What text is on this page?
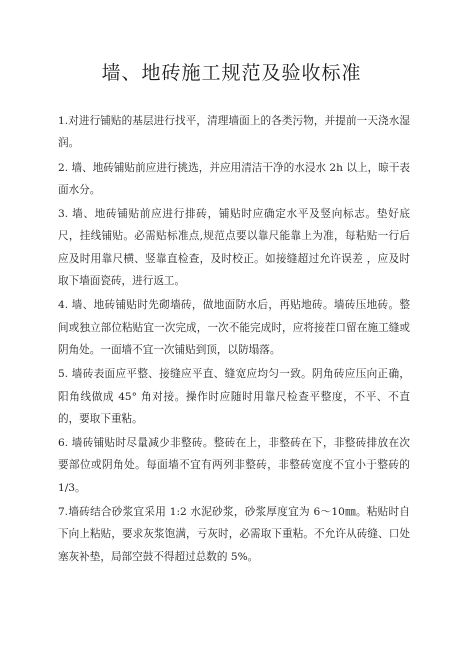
墙、地砖施工规范及验收标准

1.对进行铺贴的基层进行找平，清理墙面上的各类污物，并提前一天浇水湿润。

2. 墙、地砖铺贴前应进行挑选，并应用清洁干净的水浸水 2h 以上，晾干表面水分。

3. 墙、地砖铺贴前应进行排砖，铺贴时应确定水平及竖向标志。垫好底尺，挂线铺贴。必需贴标准点,规范点要以靠尺能靠上为准，每粘贴一行后应及时用靠尺横、竖靠直检查，及时校正。如接缝超过允许误差 ，应及时取下墙面瓷砖，进行返工。

4. 墙、地砖铺贴时先砌墙砖，做地面防水后，再贴地砖。墙砖压地砖。整间或独立部位粘贴宜一次完成，一次不能完成时，应将接茬口留在施工缝或阴角处。一面墙不宜一次铺贴到顶，以防塌落。

5. 墙砖表面应平整、接缝应平直、缝宽应均匀一致。阴角砖应压向正确，阳角线做成 45° 角对接。操作时应随时用靠尺检查平整度，不平、不直的，要取下重粘。

6. 墙砖铺贴时尽量减少非整砖。整砖在上，非整砖在下，非整砖排放在次要部位或阴角处。每面墙不宜有两列非整砖，非整砖宽度不宜小于整砖的 1/3。

7.墙砖结合砂浆宜采用 1:2 水泥砂浆，砂浆厚度宜为 6～10㎜。粘贴时自下向上粘贴，要求灰浆饱满，亏灰时，必需取下重粘。不允许从砖缝、口处塞灰补垫，局部空鼓不得超过总数的 5%。
